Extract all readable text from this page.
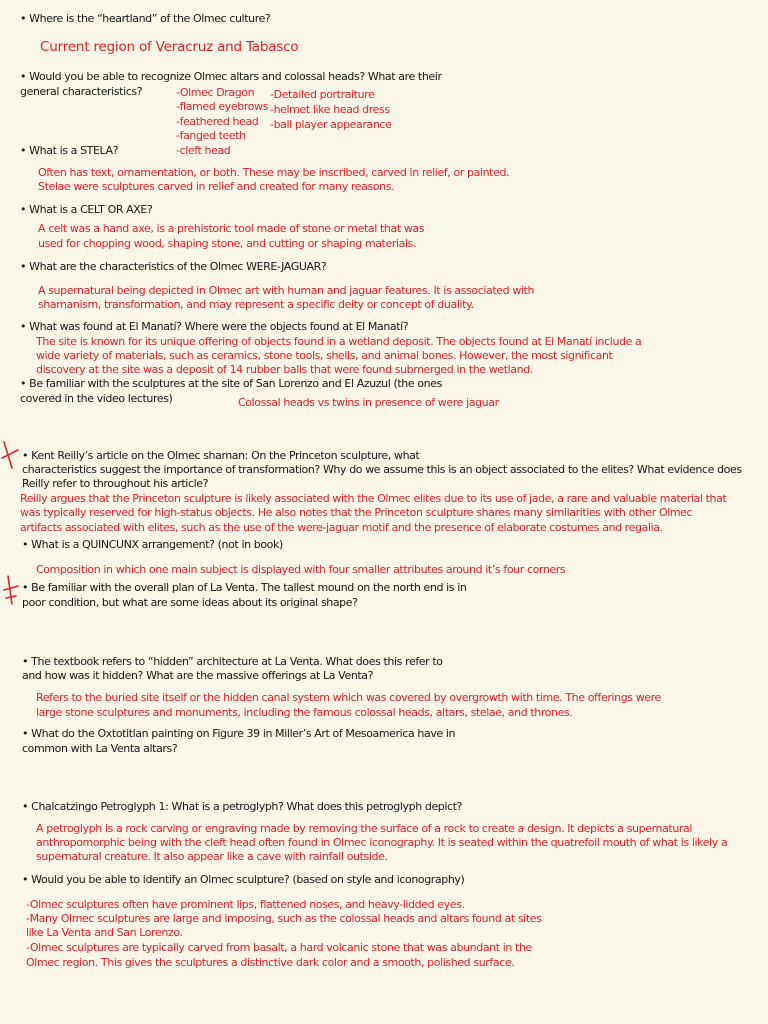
• Where is the “heartland” of the Olmec culture?
Current region of Veracruz and Tabasco
• Would you be able to recognize Olmec altars and colossal heads? What are their
general characteristics?	-Olmec Dragon
-flamed eyebrows
-feathered head
-fanged teeth
-cleft head
-Detailed portraiture
-helmet like head dress
-ball player appearance
• What is a STELA?
Often has text, ornamentation, or both. These may be inscribed, carved in relief, or painted.
Stelae were sculptures carved in relief and created for many reasons.
• What is a CELT OR AXE?
A celt was a hand axe, is a prehistoric tool made of stone or metal that was
used for chopping wood, shaping stone, and cutting or shaping materials.
• What are the characteristics of the Olmec WERE-JAGUAR?
A supernatural being depicted in Olmec art with human and jaguar features. It is associated with
shamanism, transformation, and may represent a specific deity or concept of duality.
• What was found at El Manatí? Where were the objects found at El Manatí?
The site is known for its unique offering of objects found in a wetland deposit. The objects found at El Manatí include a
wide variety of materials, such as ceramics, stone tools, shells, and animal bones. However, the most significant
discovery at the site was a deposit of 14 rubber balls that were found submerged in the wetland.
• Be familiar with the sculptures at the site of San Lorenzo and El Azuzul (the ones
covered in the video lectures)	Colossal heads vs twins in presence of were jaguar
• Kent Reilly’s article on the Olmec shaman: On the Princeton sculpture, what
characteristics suggest the importance of transformation? Why do we assume this is an object associated to the elites? What evidence does
Reilly refer to throughout his article?
Reilly argues that the Princeton sculpture is likely associated with the Olmec elites due to its use of jade, a rare and valuable material that
was typically reserved for high-status objects. He also notes that the Princeton sculpture shares many similarities with other Olmec
artifacts associated with elites, such as the use of the were-jaguar motif and the presence of elaborate costumes and regalia.
• What is a QUINCUNX arrangement? (not in book)
Composition in which one main subject is displayed with four smaller attributes around it’s four corners
• Be familiar with the overall plan of La Venta. The tallest mound on the north end is in
poor condition, but what are some ideas about its original shape?
• The textbook refers to “hidden” architecture at La Venta. What does this refer to
and how was it hidden? What are the massive offerings at La Venta?
Refers to the buried site itself or the hidden canal system which was covered by overgrowth with time. The offerings were
large stone sculptures and monuments, including the famous colossal heads, altars, stelae, and thrones.
• What do the Oxtotitlan painting on Figure 39 in Miller’s Art of Mesoamerica have in
common with La Venta altars?
• Chalcatzingo Petroglyph 1: What is a petroglyph? What does this petroglyph depict?
A petroglyph is a rock carving or engraving made by removing the surface of a rock to create a design. It depicts a supernatural
anthropomorphic being with the cleft head often found in Olmec iconography. It is seated within the quatrefoil mouth of what is likely a
supernatural creature. It also appear like a cave with rainfall outside.
• Would you be able to identify an Olmec sculpture? (based on style and iconography)
-Olmec sculptures often have prominent lips, flattened noses, and heavy-lidded eyes.
-Many Olmec sculptures are large and imposing, such as the colossal heads and altars found at sites
like La Venta and San Lorenzo.
-Olmec sculptures are typically carved from basalt, a hard volcanic stone that was abundant in the
Olmec region. This gives the sculptures a distinctive dark color and a smooth, polished surface.
